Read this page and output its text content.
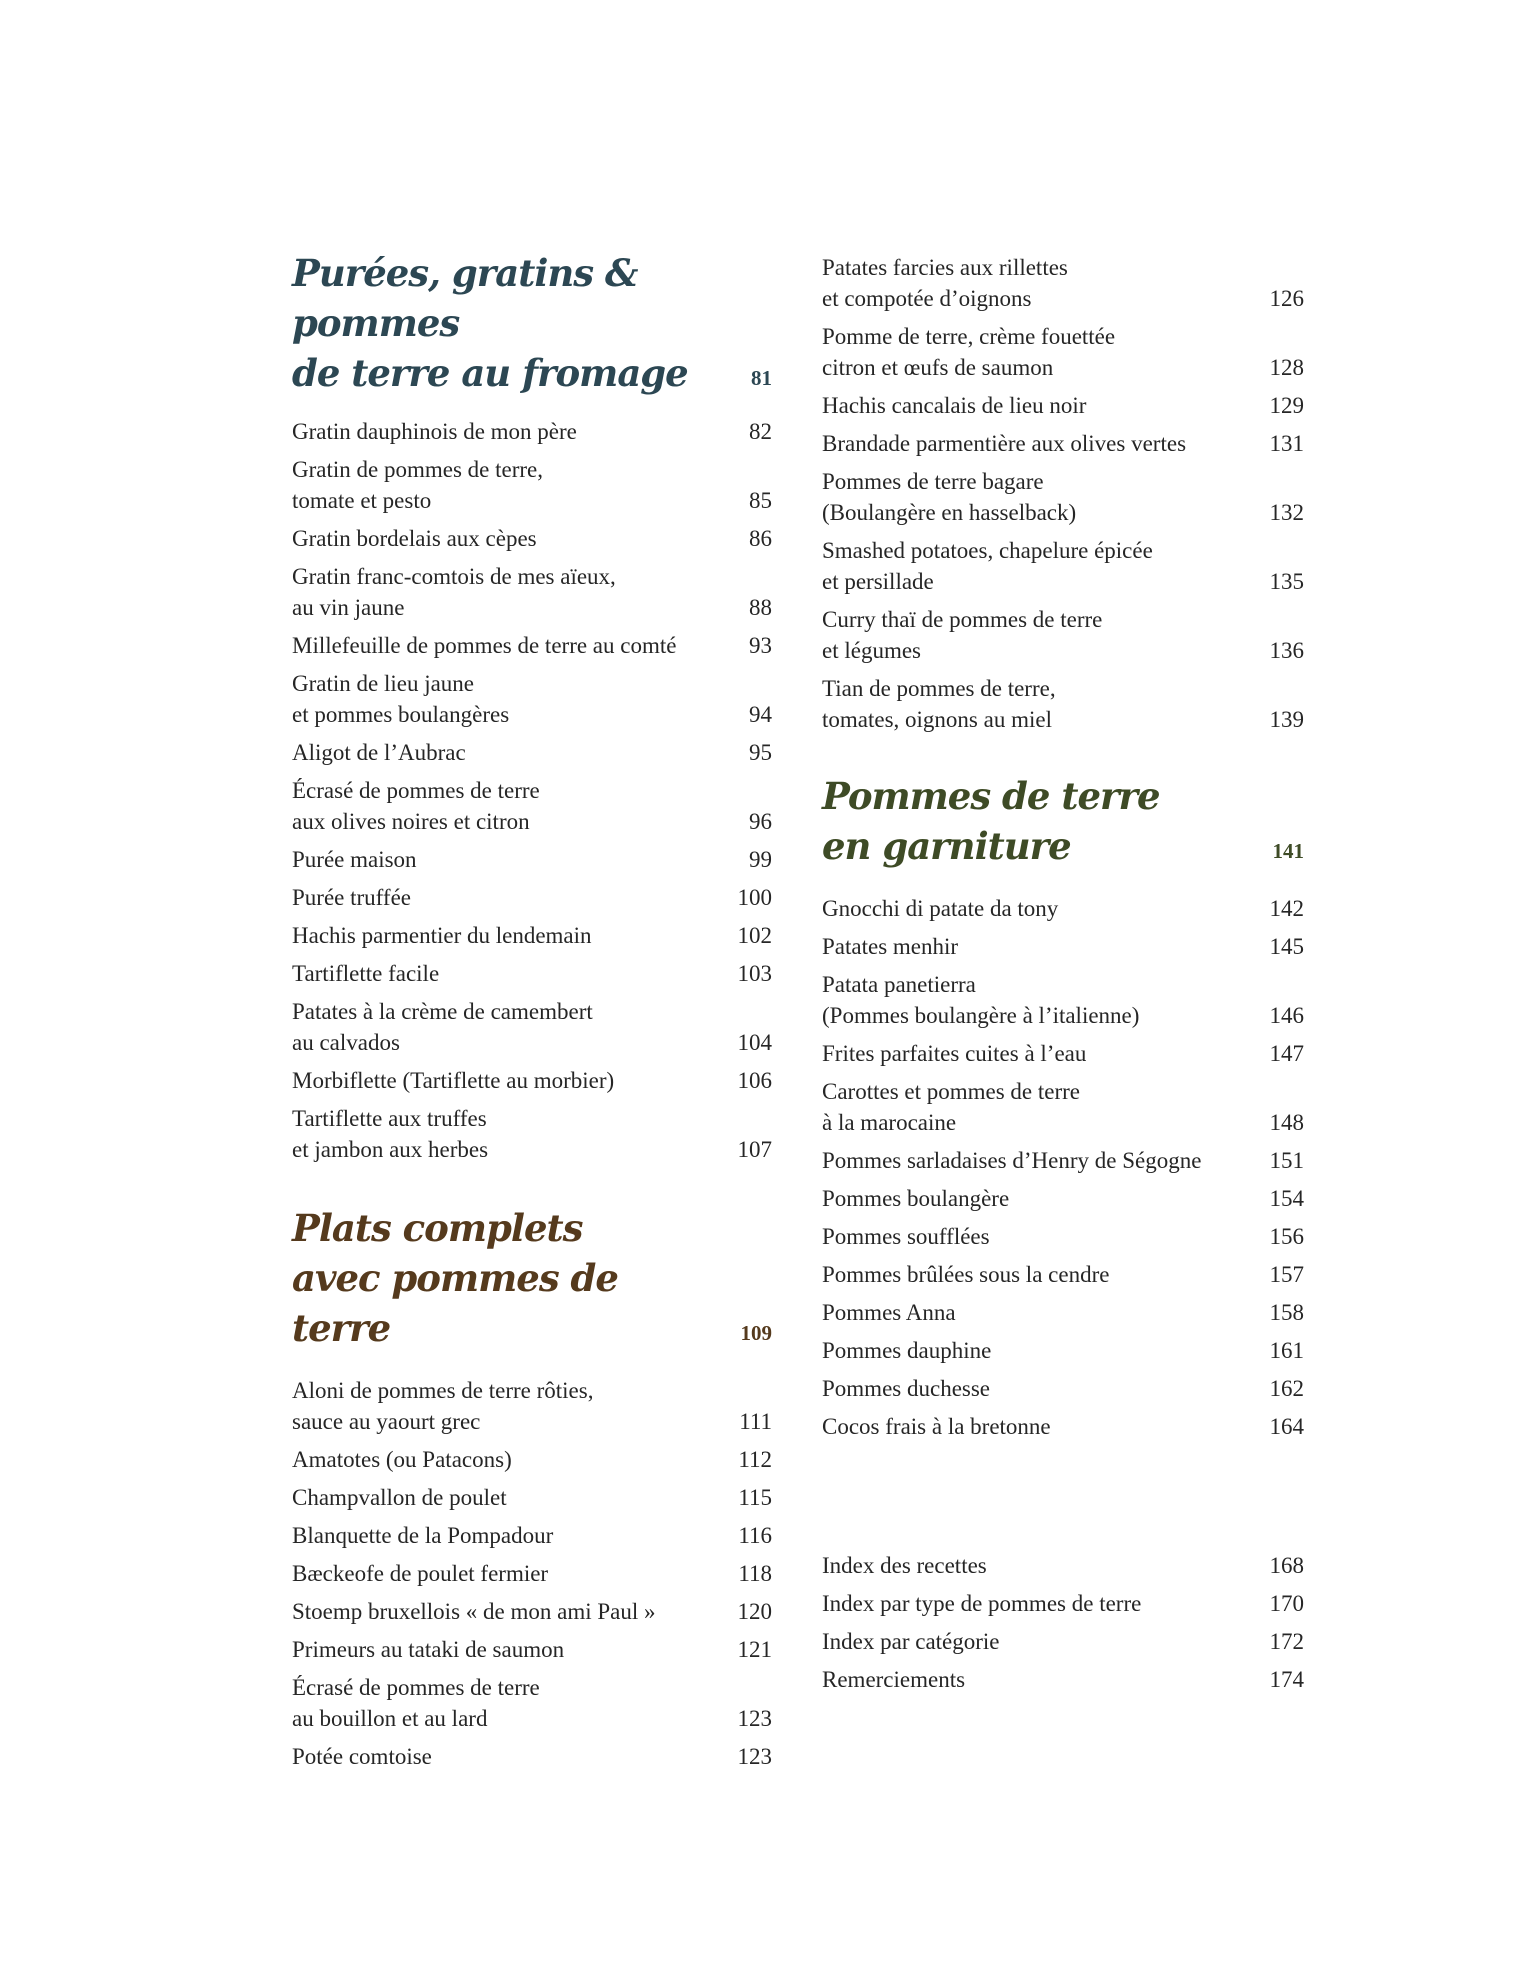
Purées, gratins & pommes
de terre au fromage	81
Gratin dauphinois de mon père	82
Gratin de pommes de terre,
tomate et pesto	85
Gratin bordelais aux cèpes	86
Gratin franc-comtois de mes aïeux,
au vin jaune	88
Millefeuille de pommes de terre au comté	93
Gratin de lieu jaune
et pommes boulangères	94
Aligot de l’Aubrac	95
Écrasé de pommes de terre
aux olives noires et citron	96
Purée maison	99
Purée truffée	100
Hachis parmentier du lendemain	102
Tartiflette facile	103
Patates à la crème de camembert
au calvados	104
Morbiflette (Tartiflette au morbier)	106
Tartiflette aux truffes
et jambon aux herbes	107
Plats complets
avec pommes de terre	109
Aloni de pommes de terre rôties,
sauce au yaourt grec	111
Amatotes (ou Patacons)	112
Champvallon de poulet	115
Blanquette de la Pompadour	116
Bæckeofe de poulet fermier	118
Stoemp bruxellois « de mon ami Paul »	120
Primeurs au tataki de saumon	121
Écrasé de pommes de terre
au bouillon et au lard	123
Potée comtoise	123
Patates farcies aux rillettes
et compotée d’oignons	126
Pomme de terre, crème fouettée
citron et œufs de saumon	128
Hachis cancalais de lieu noir	129
Brandade parmentière aux olives vertes	131
Pommes de terre bagare
(Boulangère en hasselback)	132
Smashed potatoes, chapelure épicée
et persillade	135
Curry thaï de pommes de terre
et légumes	136
Tian de pommes de terre,
tomates, oignons au miel	139
Pommes de terre
en garniture	141
Gnocchi di patate da tony	142
Patates menhir	145
Patata panetierra
(Pommes boulangère à l’italienne)	146
Frites parfaites cuites à l’eau	147
Carottes et pommes de terre
à la marocaine	148
Pommes sarladaises d’Henry de Ségogne	151
Pommes boulangère	154
Pommes soufflées	156
Pommes brûlées sous la cendre	157
Pommes Anna	158
Pommes dauphine	161
Pommes duchesse	162
Cocos frais à la bretonne	164
Index des recettes	168
Index par type de pommes de terre	170
Index par catégorie	172
Remerciements	174
